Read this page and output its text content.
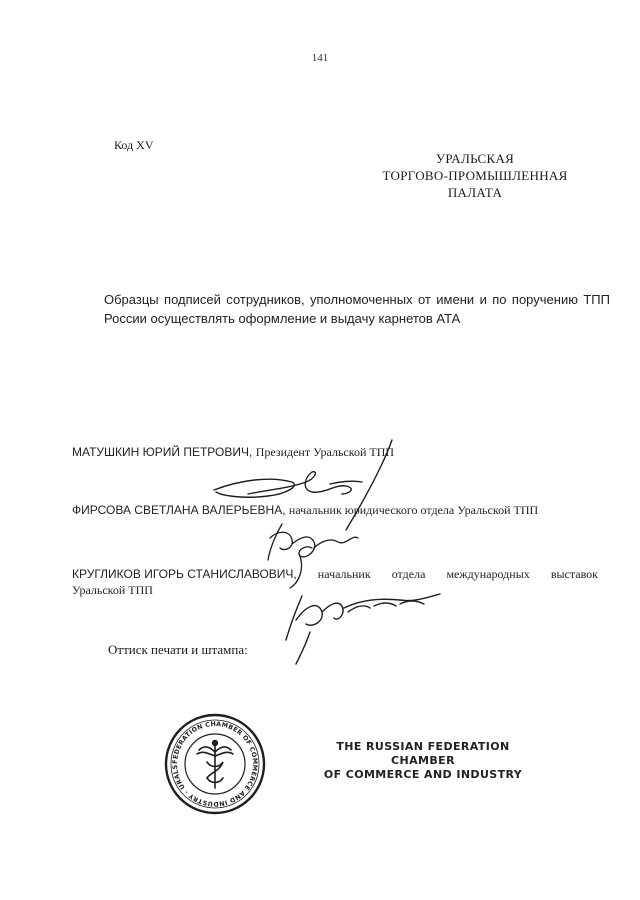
141
Код XV
УРАЛЬСКАЯ
ТОРГОВО-ПРОМЫШЛЕННАЯ
ПАЛАТА
Образцы подписей сотрудников, уполномоченных от имени и по поручению ТПП России осуществлять оформление и выдачу карнетов АТА
МАТУШКИН ЮРИЙ ПЕТРОВИЧ, Президент Уральской ТПП
ФИРСОВА СВЕТЛАНА ВАЛЕРЬЕВНА, начальник юридического отдела Уральской ТПП
КРУГЛИКОВ ИГОРЬ СТАНИСЛАВОВИЧ, начальник отдела международных выставок
Уральской ТПП
Оттиск печати и штампа:
FEDERATION CHAMBER OF COMMERCE AND INDUSTRY · URALS
THE RUSSIAN FEDERATION CHAMBER
OF COMMERCE AND INDUSTRY
